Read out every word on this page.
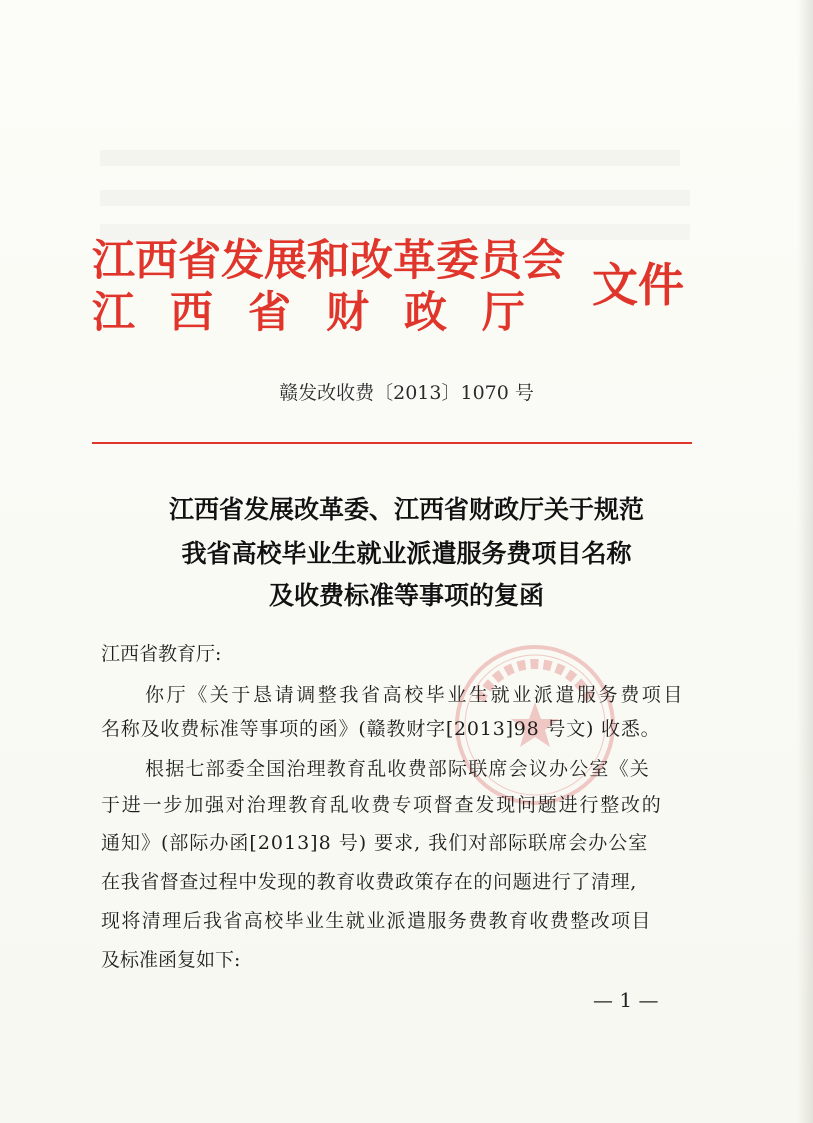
江西省发展和改革委员会
江西省财政厅
文件
赣发改收费〔2013〕1070 号
江西省发展改革委、江西省财政厅关于规范
我省高校毕业生就业派遣服务费项目名称
及收费标准等事项的复函
江西省教育厅:
你厅《关于恳请调整我省高校毕业生就业派遣服务费项目
名称及收费标准等事项的函》(赣教财字[2013]98 号文) 收悉。
根据七部委全国治理教育乱收费部际联席会议办公室《关
于进一步加强对治理教育乱收费专项督查发现问题进行整改的
通知》(部际办函[2013]8 号) 要求, 我们对部际联席会办公室
在我省督查过程中发现的教育收费政策存在的问题进行了清理,
现将清理后我省高校毕业生就业派遣服务费教育收费整改项目
及标准函复如下:
— 1 —
